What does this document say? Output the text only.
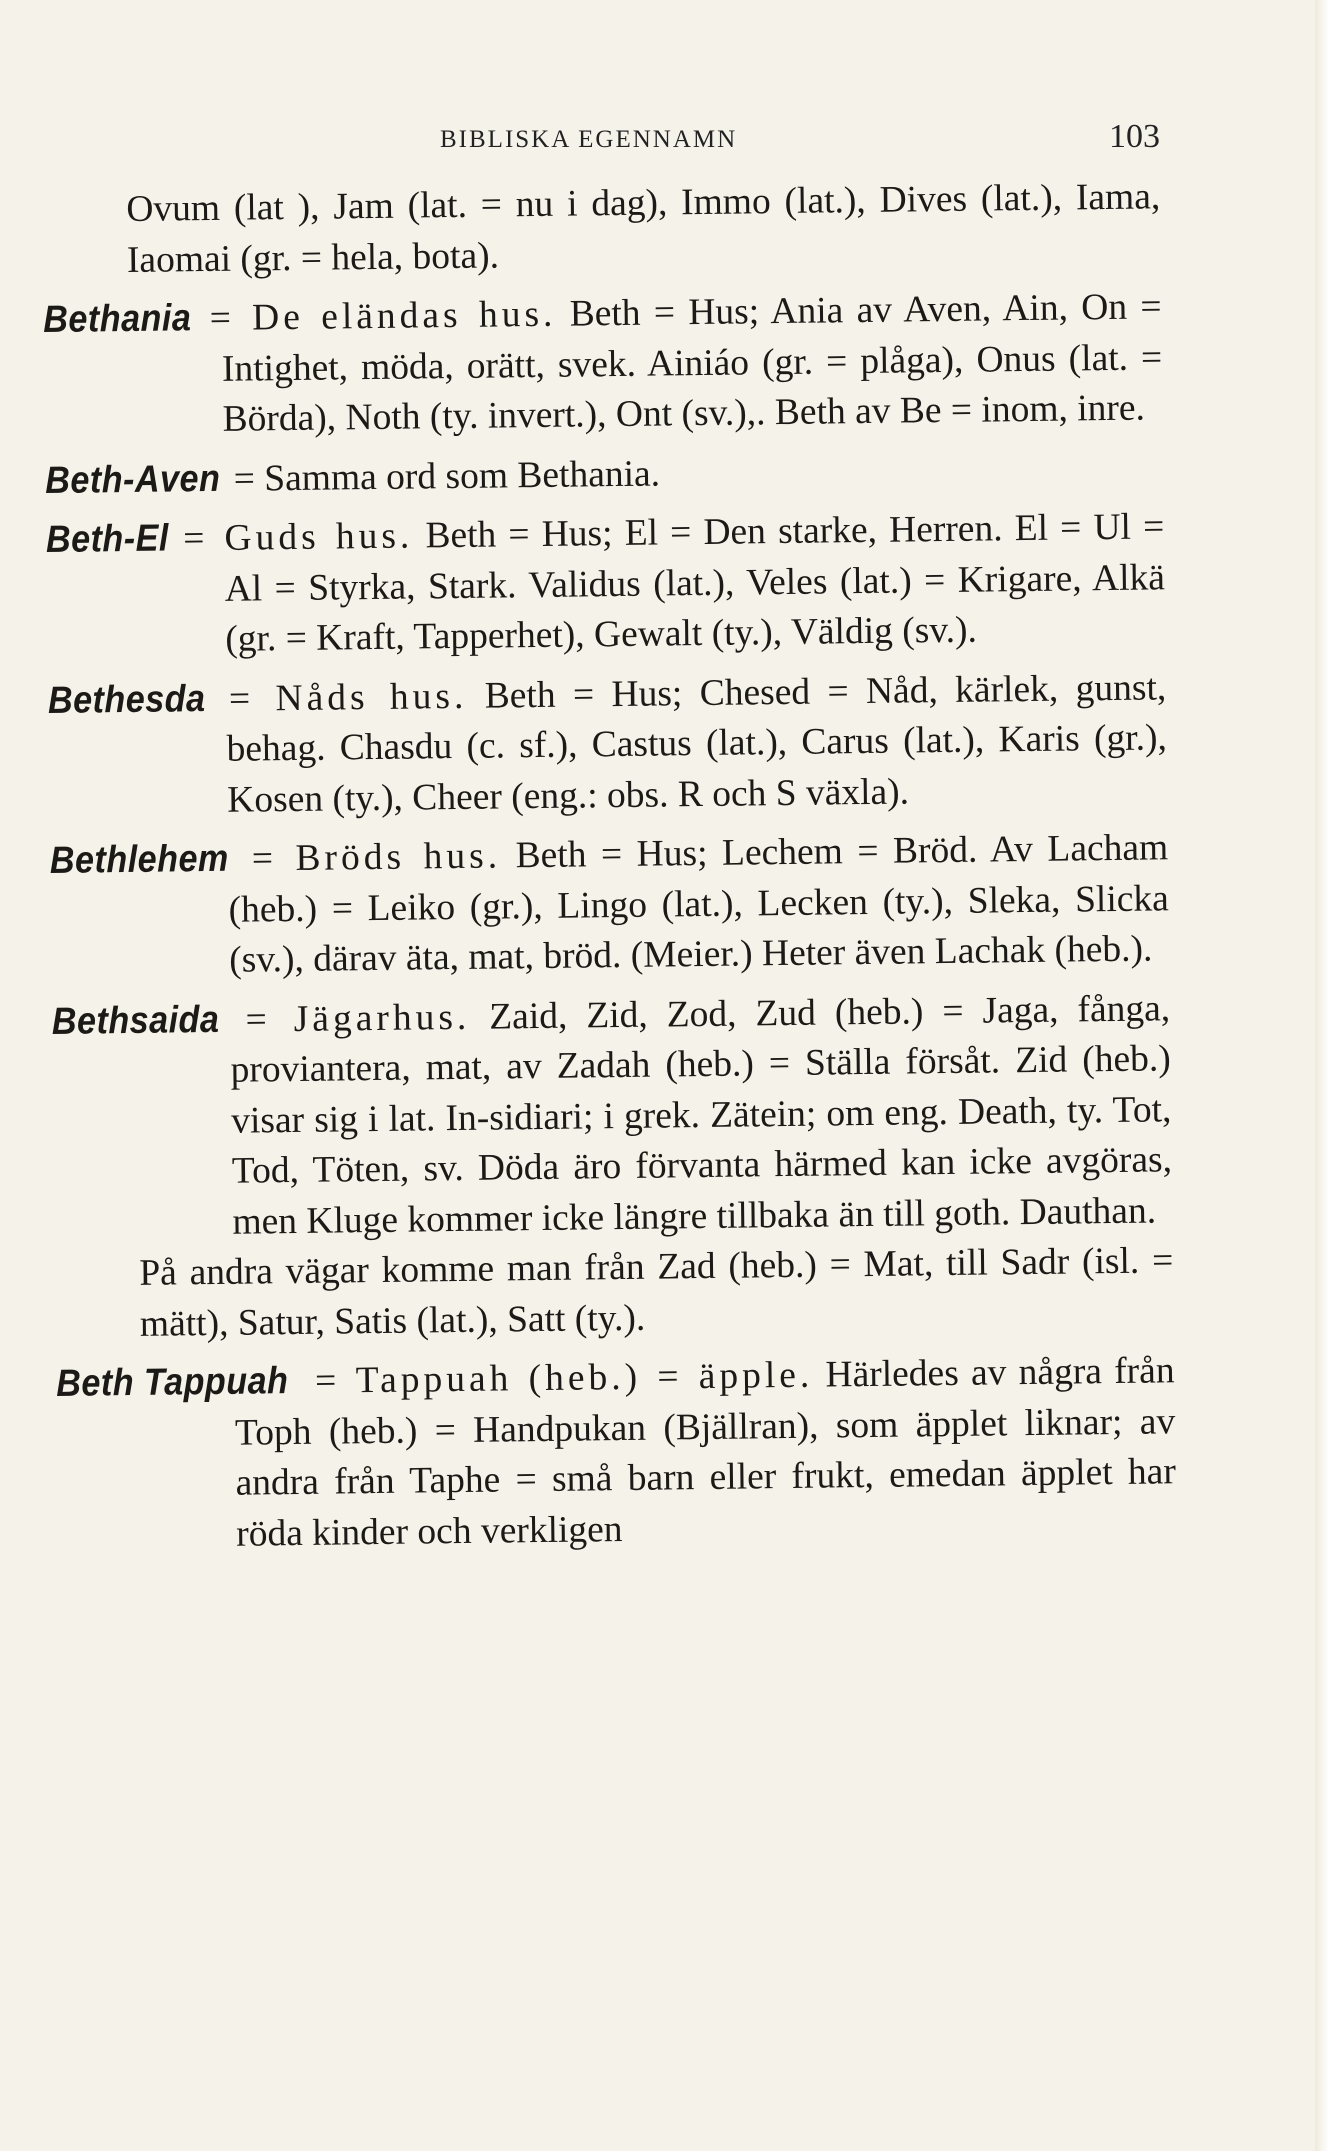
BIBLISKA EGENNAMN	103

Ovum (lat ), Jam (lat. = nu i dag), Immo (lat.), Dives (lat.), Iama, Iaomai (gr. = hela, bota).

Bethania = De eländas hus. Beth = Hus; Ania av Aven, Ain, On = Intighet, möda, orätt, svek. Ainiáo (gr. = plåga), Onus (lat. = Börda), Noth (ty. invert.), Ont (sv.),. Beth av Be = inom, inre.

Beth-Aven = Samma ord som Bethania.

Beth-El = Guds hus. Beth = Hus; El = Den starke, Herren. El = Ul = Al = Styrka, Stark. Validus (lat.), Veles (lat.) = Krigare, Alkä (gr. = Kraft, Tapperhet), Gewalt (ty.), Väldig (sv.).

Bethesda = Nåds hus. Beth = Hus; Chesed = Nåd, kärlek, gunst, behag. Chasdu (c. sf.), Castus (lat.), Carus (lat.), Karis (gr.), Kosen (ty.), Cheer (eng.: obs. R och S växla).

Bethlehem = Bröds hus. Beth = Hus; Lechem = Bröd. Av Lacham (heb.) = Leiko (gr.), Lingo (lat.), Lecken (ty.), Sleka, Slicka (sv.), därav äta, mat, bröd. (Meier.) Heter även Lachak (heb.).

Bethsaida = Jägarhus. Zaid, Zid, Zod, Zud (heb.) = Jaga, fånga, proviantera, mat, av Zadah (heb.) = Ställa försåt. Zid (heb.) visar sig i lat. In-sidiari; i grek. Zätein; om eng. Death, ty. Tot, Tod, Töten, sv. Döda äro förvanta härmed kan icke avgöras, men Kluge kommer icke längre tillbaka än till goth. Dauthan.

På andra vägar komme man från Zad (heb.) = Mat, till Sadr (isl. = mätt), Satur, Satis (lat.), Satt (ty.).

Beth Tappuah = Tappuah (heb.) = äpple. Härledes av några från Toph (heb.) = Handpukan (Bjällran), som äpplet liknar; av andra från Taphe = små barn eller frukt, emedan äpplet har röda kinder och verkligen
